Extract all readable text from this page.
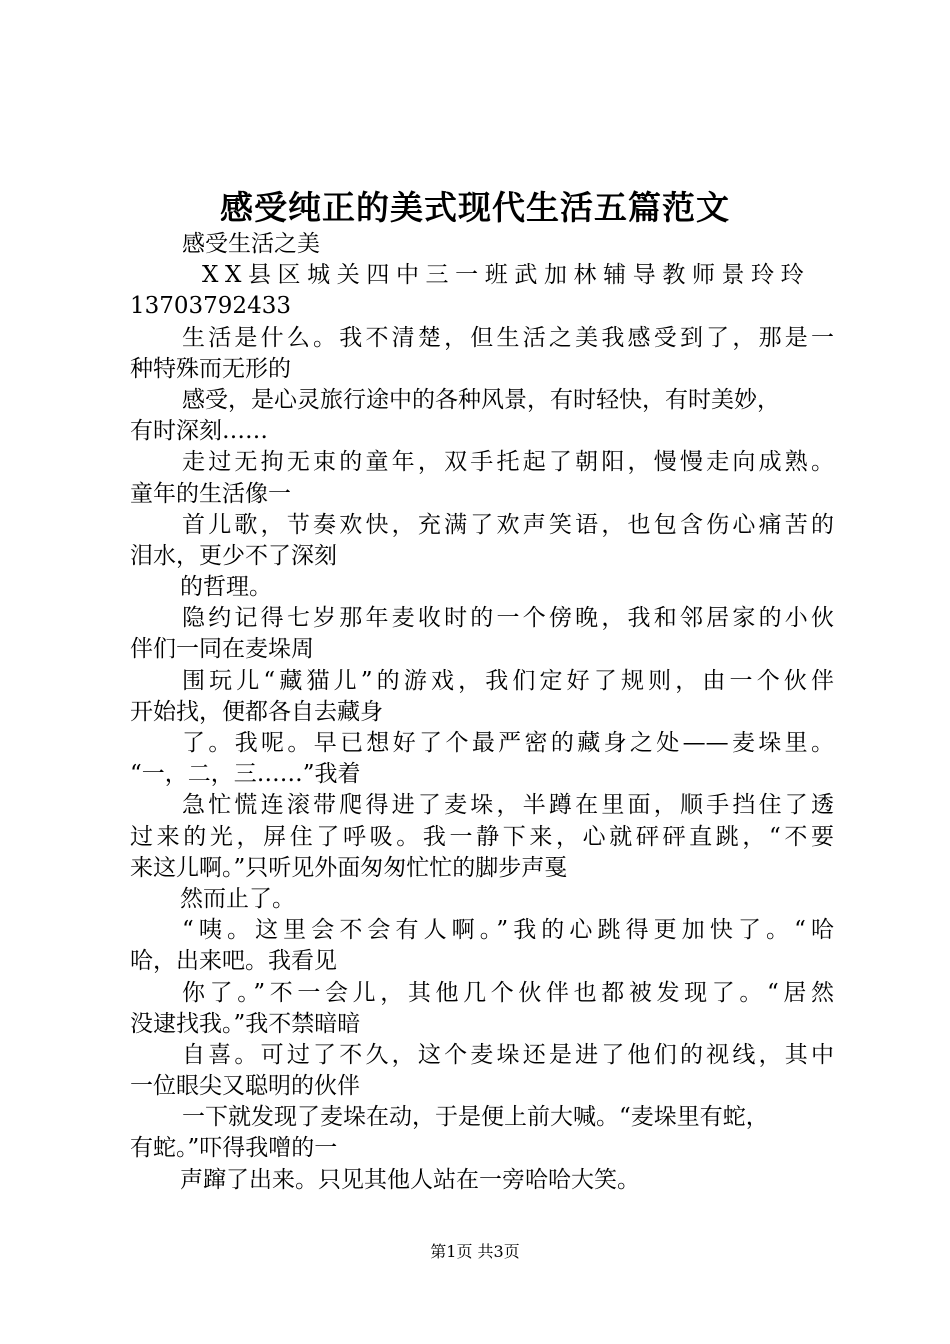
感受纯正的美式现代生活五篇范文

感受生活之美

XX县区城关四中三一班武加林辅导教师景玲玲

13703792433

生活是什么。我不清楚，但生活之美我感受到了，那是一

种特殊而无形的

感受，是心灵旅行途中的各种风景，有时轻快，有时美妙，

有时深刻……

走过无拘无束的童年，双手托起了朝阳，慢慢走向成熟。

童年的生活像一

首儿歌，节奏欢快，充满了欢声笑语，也包含伤心痛苦的

泪水，更少不了深刻

的哲理。

隐约记得七岁那年麦收时的一个傍晚，我和邻居家的小伙

伴们一同在麦垛周

围玩儿“藏猫儿”的游戏，我们定好了规则，由一个伙伴

开始找，便都各自去藏身

了。我呢。早已想好了个最严密的藏身之处——麦垛里。

“一，二，三……”我着

急忙慌连滚带爬得进了麦垛，半蹲在里面，顺手挡住了透

过来的光，屏住了呼吸。我一静下来，心就砰砰直跳，“不要

来这儿啊。”只听见外面匆匆忙忙的脚步声戛

然而止了。

“咦。这里会不会有人啊。”我的心跳得更加快了。“哈

哈，出来吧。我看见

你了。”不一会儿，其他几个伙伴也都被发现了。“居然

没逮找我。”我不禁暗暗

自喜。可过了不久，这个麦垛还是进了他们的视线，其中

一位眼尖又聪明的伙伴

一下就发现了麦垛在动，于是便上前大喊。“麦垛里有蛇，

有蛇。”吓得我噌的一

声蹿了出来。只见其他人站在一旁哈哈大笑。

第1页 共3页
